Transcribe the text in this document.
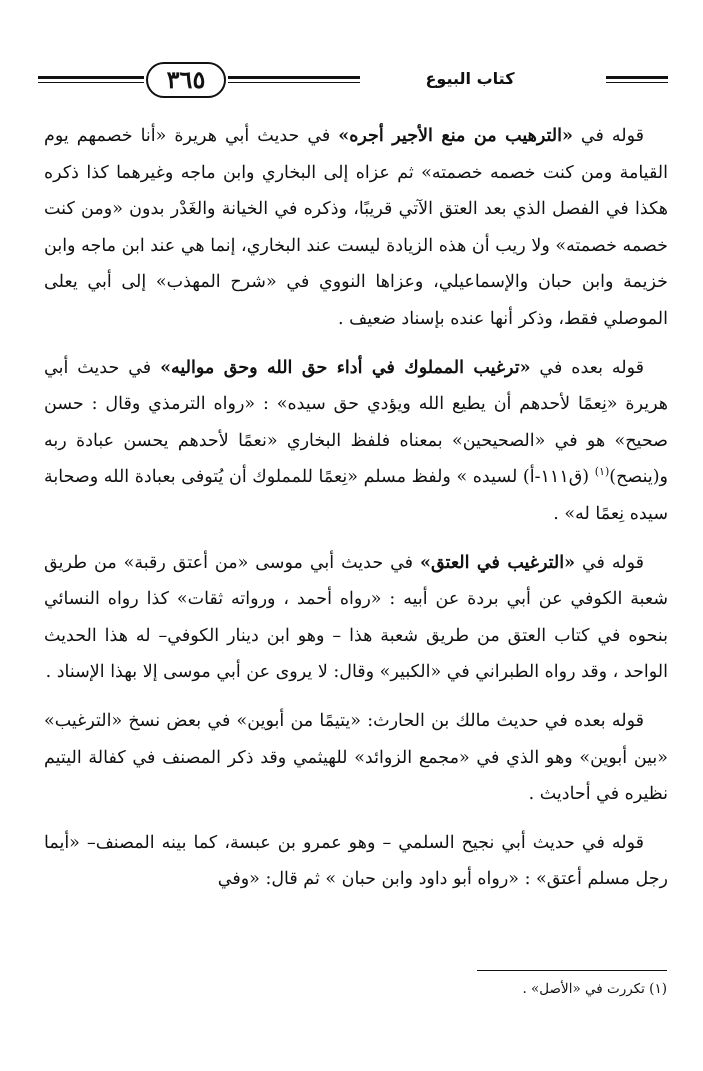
كتاب البيوع
٣٦٥

قوله في «الترهيب من منع الأجير أجره» في حديث أبي هريرة «أنا خصمهم يوم القيامة ومن كنت خصمه خصمته» ثم عزاه إلى البخاري وابن ماجه وغيرهما كذا ذكره هكذا في الفصل الذي بعد العتق الآتي قريبًا، وذكره في الخيانة والغَدْر بدون «ومن كنت خصمه خصمته» ولا ريب أن هذه الزيادة ليست عند البخاري، إنما هي عند ابن ماجه وابن خزيمة وابن حبان والإسماعيلي، وعزاها النووي في «شرح المهذب» إلى أبي يعلى الموصلي فقط، وذكر أنها عنده بإسناد ضعيف .

قوله بعده في «ترغيب المملوك في أداء حق الله وحق مواليه» في حديث أبي هريرة «نِعمًا لأحدهم أن يطيع الله ويؤدي حق سيده» : «رواه الترمذي وقال : حسن صحيح» هو في «الصحيحين» بمعناه فلفظ البخاري «نعمًا لأحدهم يحسن عبادة ربه و(ينصح)$^{(١)}$ (ق١١١-أ) لسيده » ولفظ مسلم «نِعمًا للمملوك أن يُتوفى بعبادة الله وصحابة سيده نِعمًا له» .

قوله في «الترغيب في العتق» في حديث أبي موسى «من أعتق رقبة» من طريق شعبة الكوفي عن أبي بردة عن أبيه : «رواه أحمد ، ورواته ثقات» كذا رواه النسائي بنحوه في كتاب العتق من طريق شعبة هذا – وهو ابن دينار الكوفي– له هذا الحديث الواحد ، وقد رواه الطبراني في «الكبير» وقال: لا يروى عن أبي موسى إلا بهذا الإسناد .

قوله بعده في حديث مالك بن الحارث: «يتيمًا من أبوين» في بعض نسخ «الترغيب» «بين أبوين» وهو الذي في «مجمع الزوائد» للهيثمي وقد ذكر المصنف في كفالة اليتيم نظيره في أحاديث .

قوله في حديث أبي نجيح السلمي – وهو عمرو بن عبسة، كما بينه المصنف– «أيما رجل مسلم أعتق» : «رواه أبو داود وابن حبان » ثم قال: «وفي

(١) تكررت في «الأصل» .
